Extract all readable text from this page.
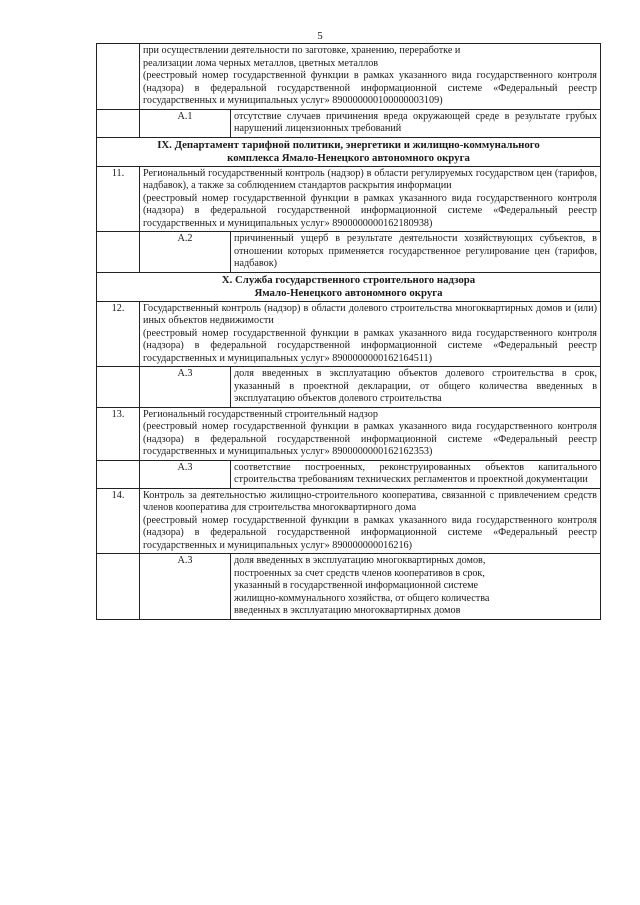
5

	при осуществлении деятельности по заготовке, хранению, переработке и
реализации лома черных металлов, цветных металлов
(реестровый номер государственной функции в рамках указанного вида государственного контроля (надзора) в федеральной государственной информационной системе «Федеральный реестр государственных и муниципальных услуг» 890000000100000003109)	

	А.1	отсутствие случаев причинения вреда окружающей среде в результате грубых нарушений лицензионных требований

IX. Департамент тарифной политики, энергетики и жилищно-коммунального
комплекса Ямало-Ненецкого автономного округа		

11.	Региональный государственный контроль (надзор) в области регулируемых государством цен (тарифов, надбавок), а также за соблюдением стандартов раскрытия информации
(реестровый номер государственной функции в рамках указанного вида государственного контроля (надзора) в федеральной государственной информационной системе «Федеральный реестр государственных и муниципальных услуг» 8900000000162180938)	

	А.2	причиненный ущерб в результате деятельности хозяйствующих субъектов, в отношении которых применяется государственное регулирование цен (тарифов, надбавок)

X. Служба государственного строительного надзора
Ямало-Ненецкого автономного округа		

12.	Государственный контроль (надзор) в области долевого строительства многоквартирных домов и (или) иных объектов недвижимости
(реестровый номер государственной функции в рамках указанного вида государственного контроля (надзора) в федеральной государственной информационной системе «Федеральный реестр государственных и муниципальных услуг» 8900000000162164511)	

	А.3	доля введенных в эксплуатацию объектов долевого строительства в срок, указанный в проектной декларации, от общего количества введенных в эксплуатацию объектов долевого строительства
13.	Региональный государственный строительный надзор
(реестровый номер государственной функции в рамках указанного вида государственного контроля (надзора) в федеральной государственной информационной системе «Федеральный реестр государственных и муниципальных услуг» 8900000000162162353)	

	А.3	соответствие построенных, реконструированных объектов капитального строительства требованиям технических регламентов и проектной документации
14.	Контроль за деятельностью жилищно-строительного кооператива, связанной с привлечением средств членов кооператива для строительства многоквартирного дома
(реестровый номер государственной функции в рамках указанного вида государственного контроля (надзора) в федеральной государственной информационной системе «Федеральный реестр государственных и муниципальных услуг» 890000000016216)	

	А.3	доля введенных в эксплуатацию многоквартирных домов,
построенных за счет средств членов кооперативов в срок,
указанный в государственной информационной системе
жилищно-коммунального хозяйства, от общего количества
введенных в эксплуатацию многоквартирных домов
